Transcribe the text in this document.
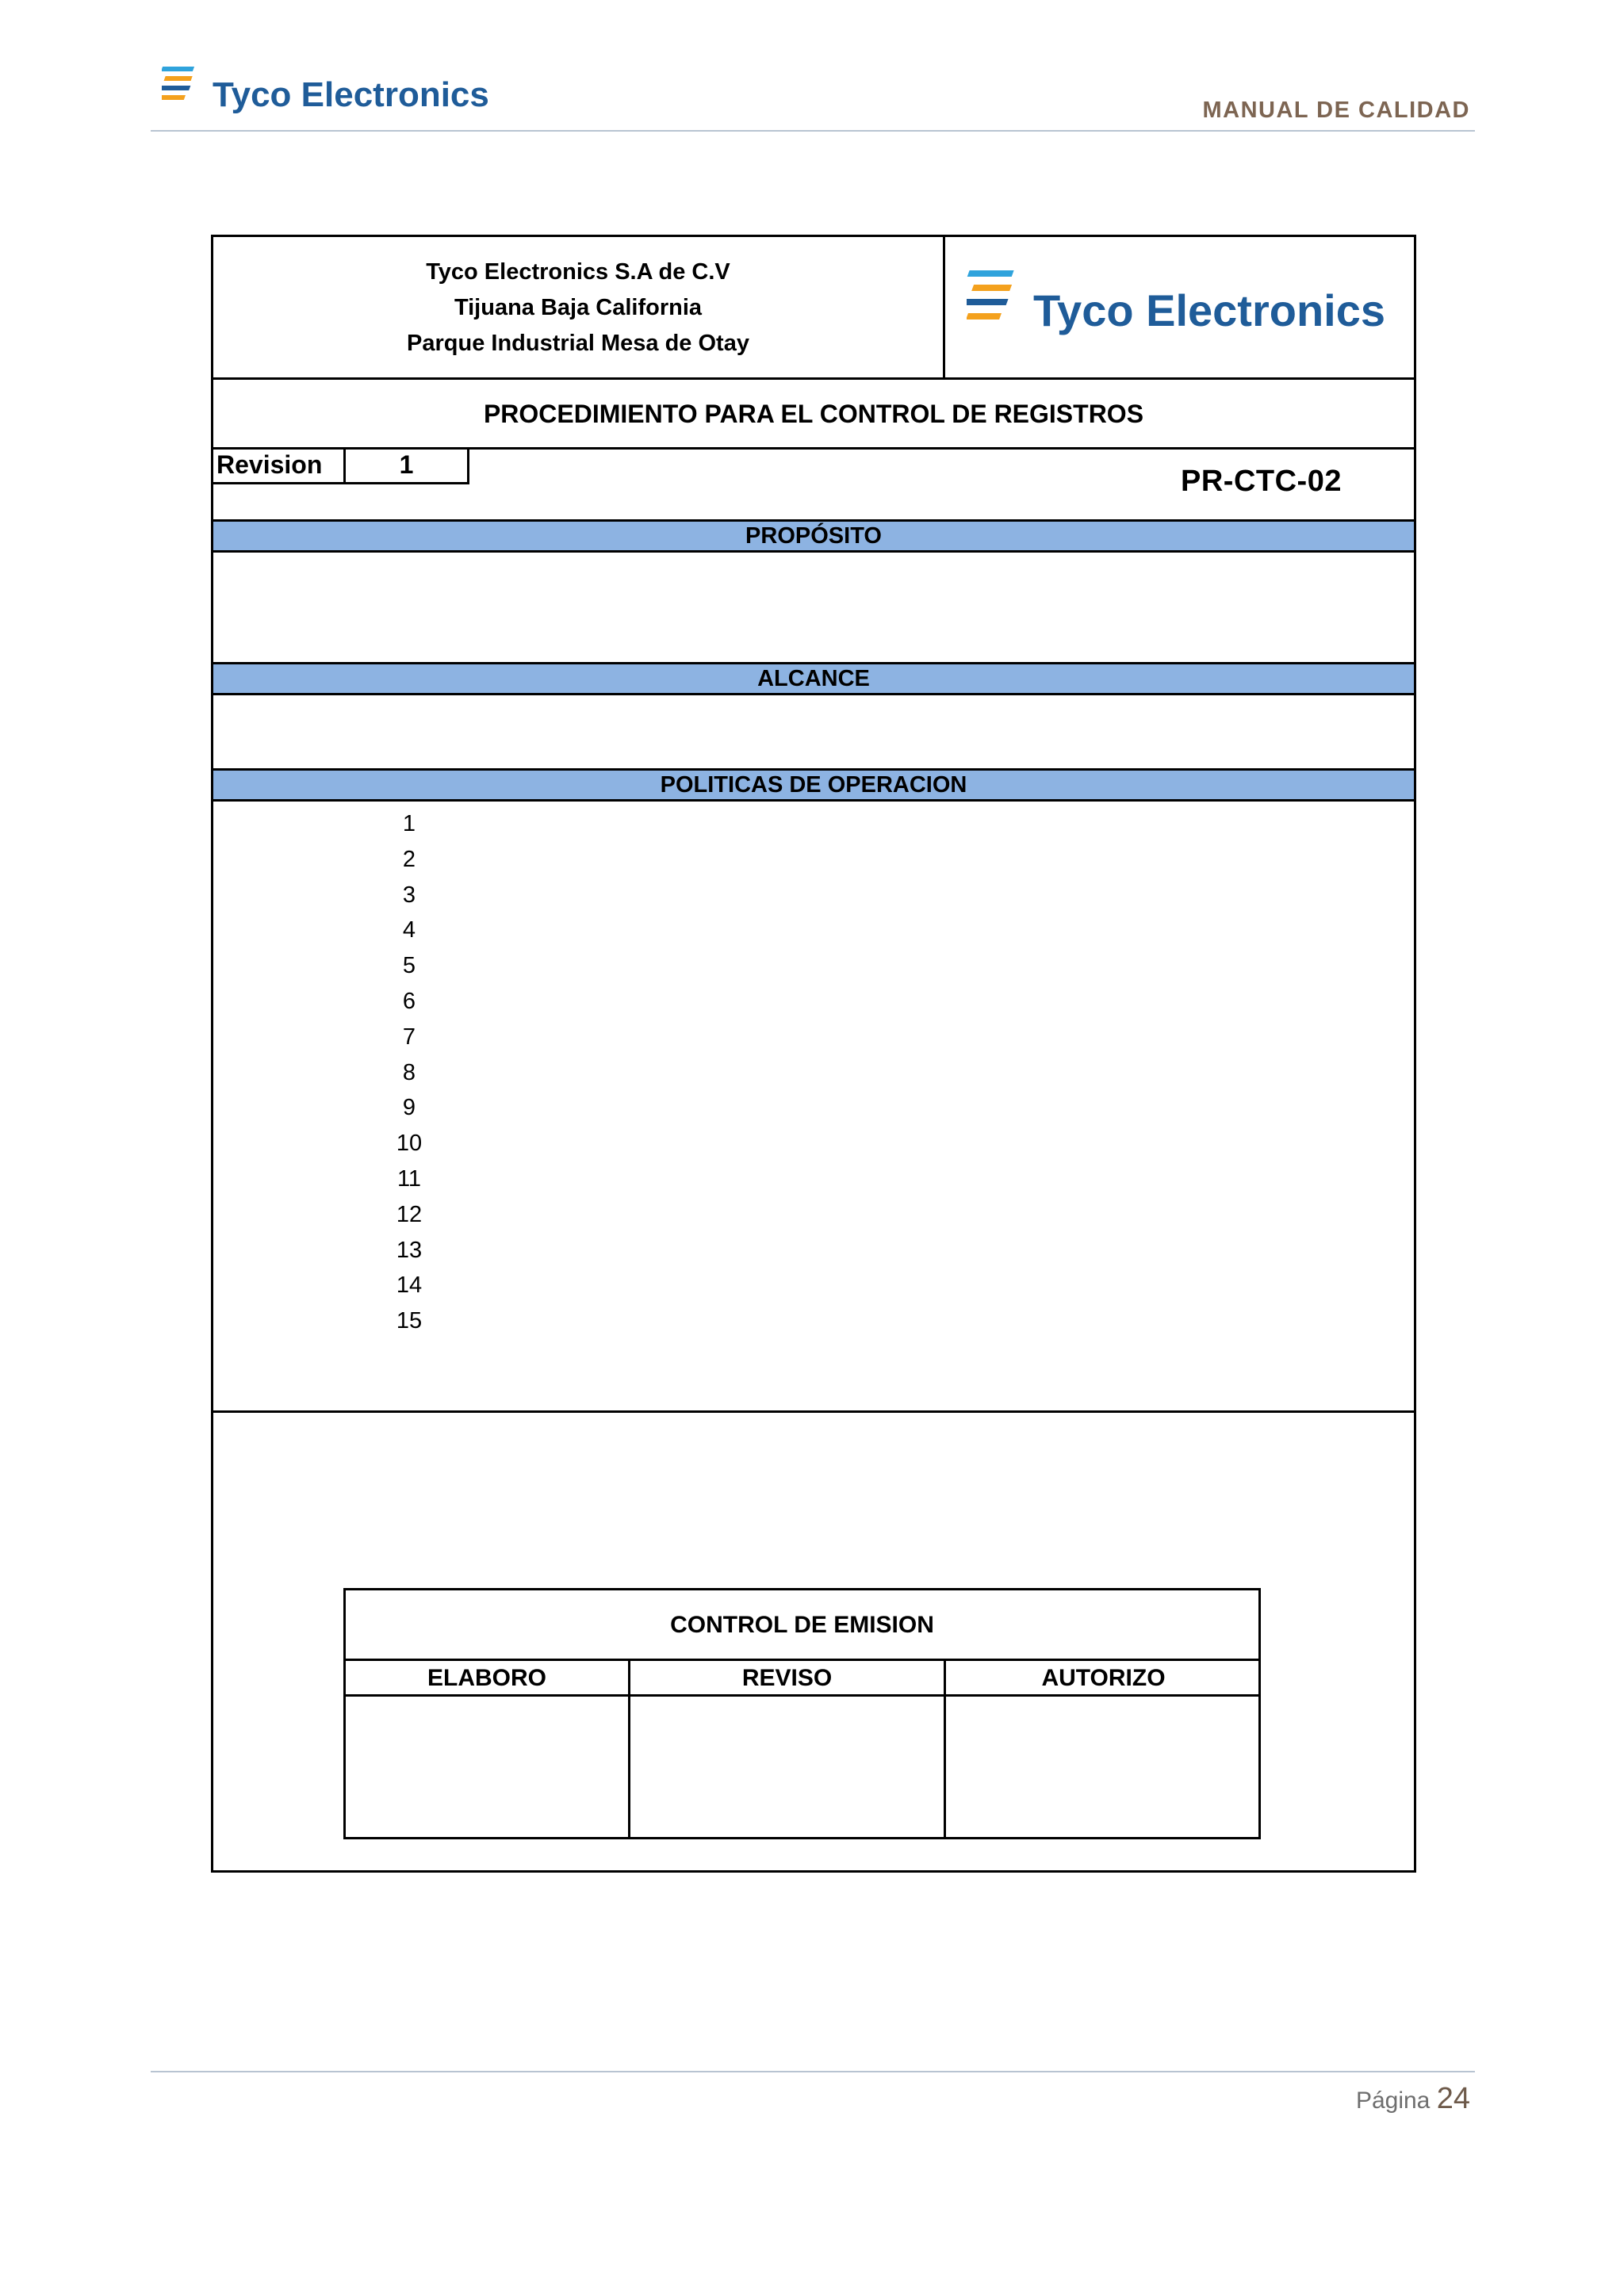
Tyco Electronics	MANUAL DE CALIDAD
Tyco Electronics S.A de C.V
Tijuana Baja California
Parque Industrial Mesa de Otay
Tyco Electronics
PROCEDIMIENTO PARA EL CONTROL DE REGISTROS
Revision	1	PR-CTC-02
PROPÓSITO
ALCANCE
POLITICAS DE OPERACION
1
2
3
4
5
6
7
8
9
10
11
12
13
14
15
CONTROL DE EMISION
ELABORO	REVISO	AUTORIZO
Página 24
